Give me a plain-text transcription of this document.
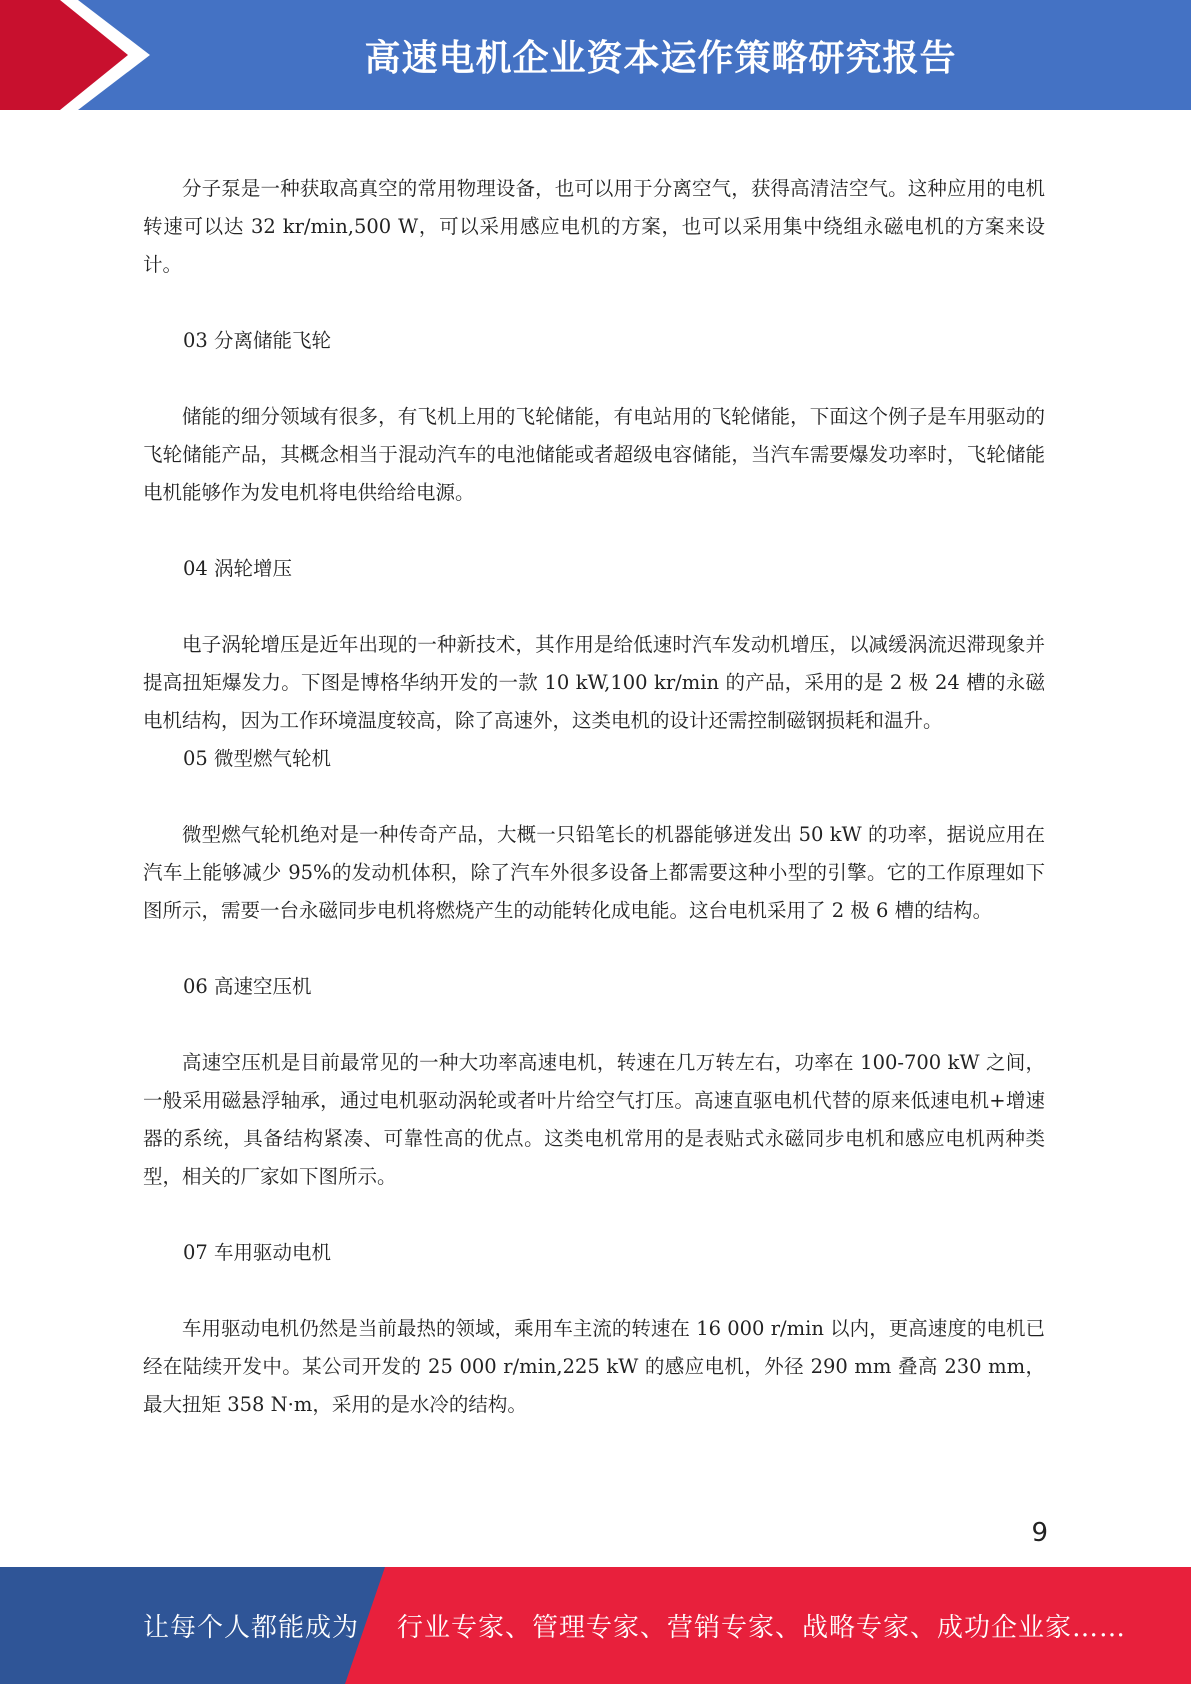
高速电机企业资本运作策略研究报告

分子泵是一种获取高真空的常用物理设备，也可以用于分离空气，获得高清洁空气。这种应用的电机转速可以达 32 kr/min,500 W，可以采用感应电机的方案，也可以采用集中绕组永磁电机的方案来设计。

03 分离储能飞轮

储能的细分领域有很多，有飞机上用的飞轮储能，有电站用的飞轮储能，下面这个例子是车用驱动的飞轮储能产品，其概念相当于混动汽车的电池储能或者超级电容储能，当汽车需要爆发功率时，飞轮储能电机能够作为发电机将电供给给电源。

04 涡轮增压

电子涡轮增压是近年出现的一种新技术，其作用是给低速时汽车发动机增压，以减缓涡流迟滞现象并提高扭矩爆发力。下图是博格华纳开发的一款 10 kW,100 kr/min 的产品，采用的是 2 极 24 槽的永磁电机结构，因为工作环境温度较高，除了高速外，这类电机的设计还需控制磁钢损耗和温升。

05 微型燃气轮机

微型燃气轮机绝对是一种传奇产品，大概一只铅笔长的机器能够迸发出 50 kW 的功率，据说应用在汽车上能够减少 95%的发动机体积，除了汽车外很多设备上都需要这种小型的引擎。它的工作原理如下图所示，需要一台永磁同步电机将燃烧产生的动能转化成电能。这台电机采用了 2 极 6 槽的结构。

06 高速空压机

高速空压机是目前最常见的一种大功率高速电机，转速在几万转左右，功率在 100-700 kW 之间，一般采用磁悬浮轴承，通过电机驱动涡轮或者叶片给空气打压。高速直驱电机代替的原来低速电机+增速器的系统，具备结构紧凑、可靠性高的优点。这类电机常用的是表贴式永磁同步电机和感应电机两种类型，相关的厂家如下图所示。

07 车用驱动电机

车用驱动电机仍然是当前最热的领域，乘用车主流的转速在 16 000 r/min 以内，更高速度的电机已经在陆续开发中。某公司开发的 25 000 r/min,225 kW 的感应电机，外径 290 mm 叠高 230 mm，最大扭矩 358 N·m，采用的是水冷的结构。

9
让每个人都能成为 行业专家、管理专家、营销专家、战略专家、成功企业家……
